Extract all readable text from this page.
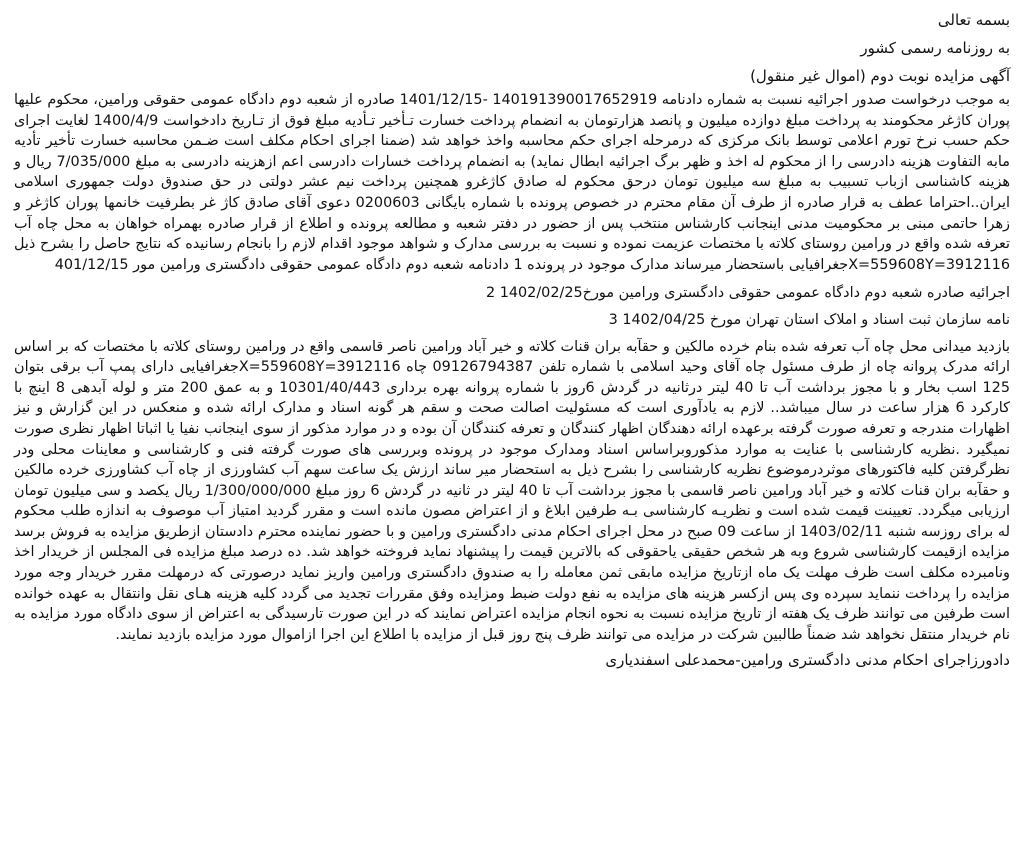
بسمه تعالی

به روزنامه رسمی کشور

آگهی مزایده نوبت دوم (اموال غیر منقول)

به موجب درخواست صدور اجرائیه نسبت به شماره دادنامه 140191390017652919 -1401/12/15 صادره از شعبه دوم دادگاه عمومی حقوقی ورامین، محکوم علیها پوران کاژغر محکومند به پرداخت مبلغ دوازده میلیون و پانصد هزارتومان به انضمام پرداخت خسارت تـأخیر تـأدیه مبلغ فوق از تـاریخ دادخواست 1400/4/9 لغایت اجرای حکم حسب نرخ تورم اعلامی توسط بانک مرکزی که درمرحله اجرای حکم محاسبه واخذ خواهد شد (ضمنا اجرای احکام مکلف است ضـمن محاسبه خسارت تأخیر تأدیه مابه التفاوت هزینه دادرسی را از محکوم له اخذ و ظهر برگ اجرائیه ابطال نماید) به انضمام پرداخت خسارات دادرسی اعم ازهزینه دادرسی به مبلغ 7/035/000 ریال و هزینه کاشناسی ازباب تسبیب به مبلغ سه میلیون تومان درحق محکوم له صادق کاژغرو همچنین پرداخت نیم عشر دولتی در حق صندوق دولت جمهوری اسلامی ایران..احتراما عطف به قرار صادره از طرف آن مقام محترم در خصوص پرونده با شماره بایگانی 0200603 دعوی آقای صادق کاژ غر بطرفیت خانمها پوران کاژغر و زهرا حاتمی مبنی بر محکومیت مدنی اینجانب کارشناس منتخب پس از حضور در دفتر شعبه و مطالعه پرونده و اطلاع از قرار صادره بهمراه خواهان به محل چاه آب تعرفه شده واقع در ورامین روستای کلاته با مختصات عزیمت نموده و نسبت به بررسی مدارک و شواهد موجود اقدام لازم را بانجام رسانیده که نتایج حاصل را بشرح ذیل X=559608Y=3912116جغرافیایی باستحضار میرساند مدارک موجود در پرونده 1 دادنامه شعبه دوم دادگاه عمومی حقوقی دادگستری ورامین مور 401/12/15

اجرائیه صادره شعبه دوم دادگاه عمومی حقوقی دادگستری ورامین مورخ1402/02/25 2

نامه سازمان ثبت اسناد و املاک استان تهران مورخ 1402/04/25 3

بازدید میدانی محل چاه آب تعرفه شده بنام خرده مالکین و حقآبه بران قنات کلاته و خیر آباد ورامین ناصر قاسمی واقع در ورامین روستای کلاته با مختصات که بر اساس ارائه مدرک پروانه چاه از طرف مسئول چاه آقای وحید اسلامی با شماره تلفن 09126794387 چاه X=559608Y=3912116جغرافیایی دارای پمپ آب برقی بتوان 125 اسب بخار و با مجوز برداشت آب تا 40 لیتر درثانیه در گردش 6روز با شماره پروانه بهره برداری 10301/40/443 و به عمق 200 متر و لوله آبدهی 8 اینچ با کارکرد 6 هزار ساعت در سال میباشد.. لازم به یادآوری است که مسئولیت اصالت صحت و سقم هر گونه اسناد و مدارک ارائه شده و منعکس در این گزارش و نیز اظهارات مندرجه و تعرفه صورت گرفته برعهده ارائه دهندگان اظهار کنندگان و تعرفه کنندگان آن بوده و در موارد مذکور از سوی اینجانب نفیا یا اثباتا اظهار نظری صورت نمیگیرد .نظریه کارشناسی با عنایت به موارد مذکوروبراساس اسناد ومدارک موجود در پرونده وبررسی های صورت گرفته فنی و کارشناسی و معاینات محلی ودر نظرگرفتن کلیه فاکتورهای موثردرموضوع نظریه کارشناسی را بشرح ذیل به استحضار میر ساند ارزش یک ساعت سهم آب کشاورزی از چاه آب کشاورزی خرده مالکین و حقآبه بران قنات کلاته و خیر آباد ورامین ناصر قاسمی با مجوز برداشت آب تا 40 لیتر در ثانیه در گردش 6 روز مبلغ 1/300/000/000 ریال یکصد و سی میلیون تومان ارزیابی میگردد. تعیینت قیمت شده است و نظریـه کارشناسی بـه طرفین ابلاغ و از اعتراض مصون مانده است و مقرر گردید امتیاز آب موصوف به اندازه طلب محکوم له برای روزسه شنبه 1403/02/11 از ساعت 09 صبح در محل اجرای احکام مدنی دادگستری ورامین و با حضور نماینده محترم دادستان ازطریق مزایده به فروش برسد مزایده ازقیمت کارشناسی شروع وبه هر شخص حقیقی یاحقوقی که بالاترین قیمت را پیشنهاد نماید فروخته خواهد شد. ده درصد مبلغ مزایده فی المجلس از خریدار اخذ ونامبرده مکلف است ظرف مهلت یک ماه ازتاریخ مزایده مابقی ثمن معامله را به صندوق دادگستری ورامین واریز نماید درصورتی که درمهلت مقرر خریدار وجه مورد مزایده را پرداخت ننماید سپرده وی پس ازکسر هزینه های مزایده به نفع دولت ضبط ومزایده وفق مقررات تجدید می گردد کلیه هزینه هـای نقل وانتقال به عهده خوانده است طرفین می توانند ظرف یک هفته از تاریخ مزایده نسبت به نحوه انجام مزایده اعتراض نمایند که در این صورت تارسیدگی به اعتراض از سوی دادگاه مورد مزایده به نام خریدار منتقل نخواهد شد ضمناً طالبین شرکت در مزایده می توانند ظرف پنج روز قبل از مزایده با اطلاع این اجرا ازاموال مورد مزایده بازدید نمایند.

دادورزاجرای احکام مدنی دادگستری ورامین-محمدعلی اسفندیاری
